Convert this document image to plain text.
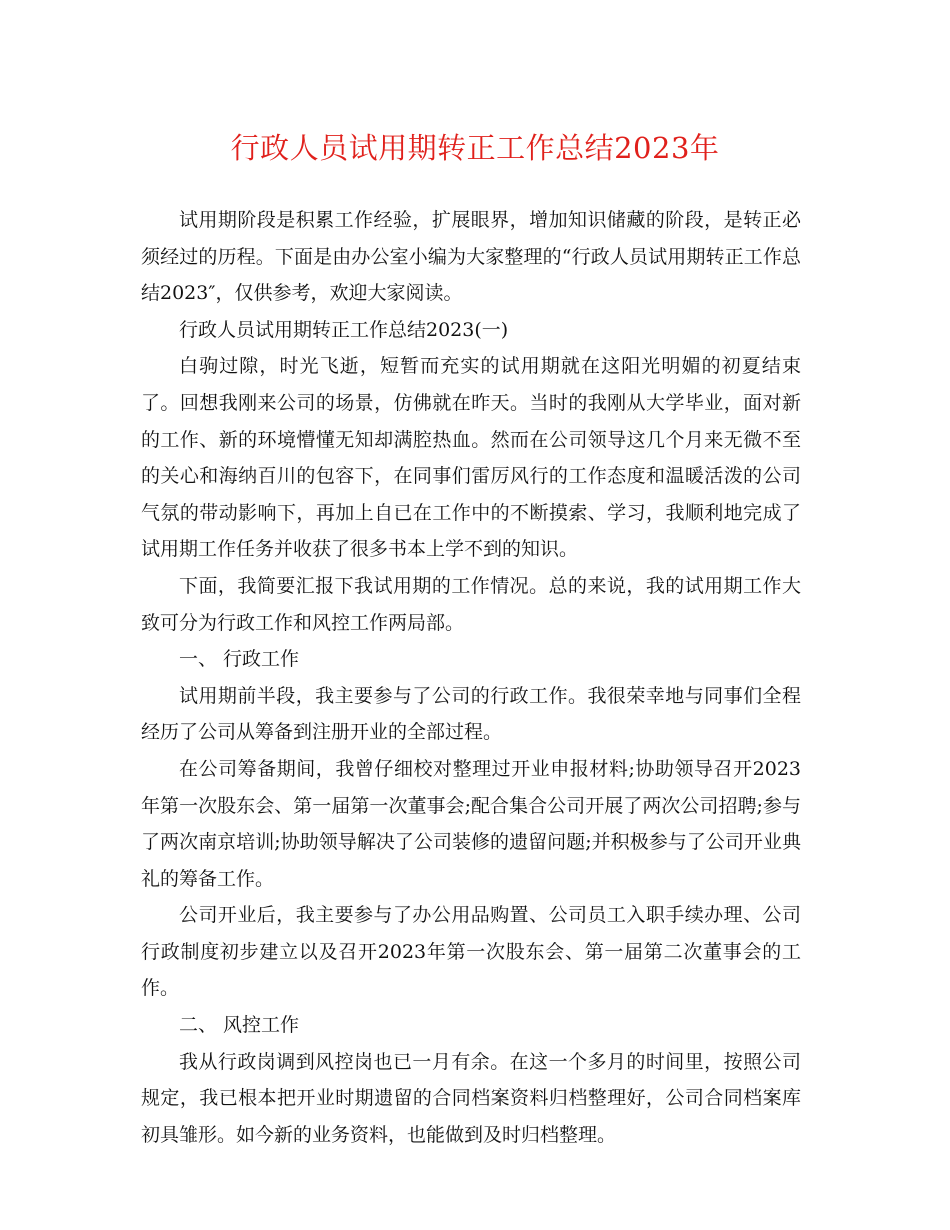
行政人员试用期转正工作总结2023年

试用期阶段是积累工作经验，扩展眼界，增加知识储藏的阶段，是转正必须经过的历程。下面是由办公室小编为大家整理的“行政人员试用期转正工作总结2023″，仅供参考，欢迎大家阅读。

行政人员试用期转正工作总结2023(一)

白驹过隙，时光飞逝，短暂而充实的试用期就在这阳光明媚的初夏结束了。回想我刚来公司的场景，仿佛就在昨天。当时的我刚从大学毕业，面对新的工作、新的环境懵懂无知却满腔热血。然而在公司领导这几个月来无微不至的关心和海纳百川的包容下，在同事们雷厉风行的工作态度和温暖活泼的公司气氛的带动影响下，再加上自已在工作中的不断摸索、学习，我顺利地完成了试用期工作任务并收获了很多书本上学不到的知识。

下面，我简要汇报下我试用期的工作情况。总的来说，我的试用期工作大致可分为行政工作和风控工作两局部。

一、 行政工作

试用期前半段，我主要参与了公司的行政工作。我很荣幸地与同事们全程经历了公司从筹备到注册开业的全部过程。

在公司筹备期间，我曾仔细校对整理过开业申报材料;协助领导召开2023年第一次股东会、第一届第一次董事会;配合集合公司开展了两次公司招聘;参与了两次南京培训;协助领导解决了公司装修的遗留问题;并积极参与了公司开业典礼的筹备工作。

公司开业后，我主要参与了办公用品购置、公司员工入职手续办理、公司行政制度初步建立以及召开2023年第一次股东会、第一届第二次董事会的工作。

二、 风控工作

我从行政岗调到风控岗也已一月有余。在这一个多月的时间里，按照公司规定，我已根本把开业时期遗留的合同档案资料归档整理好，公司合同档案库初具雏形。如今新的业务资料，也能做到及时归档整理。
